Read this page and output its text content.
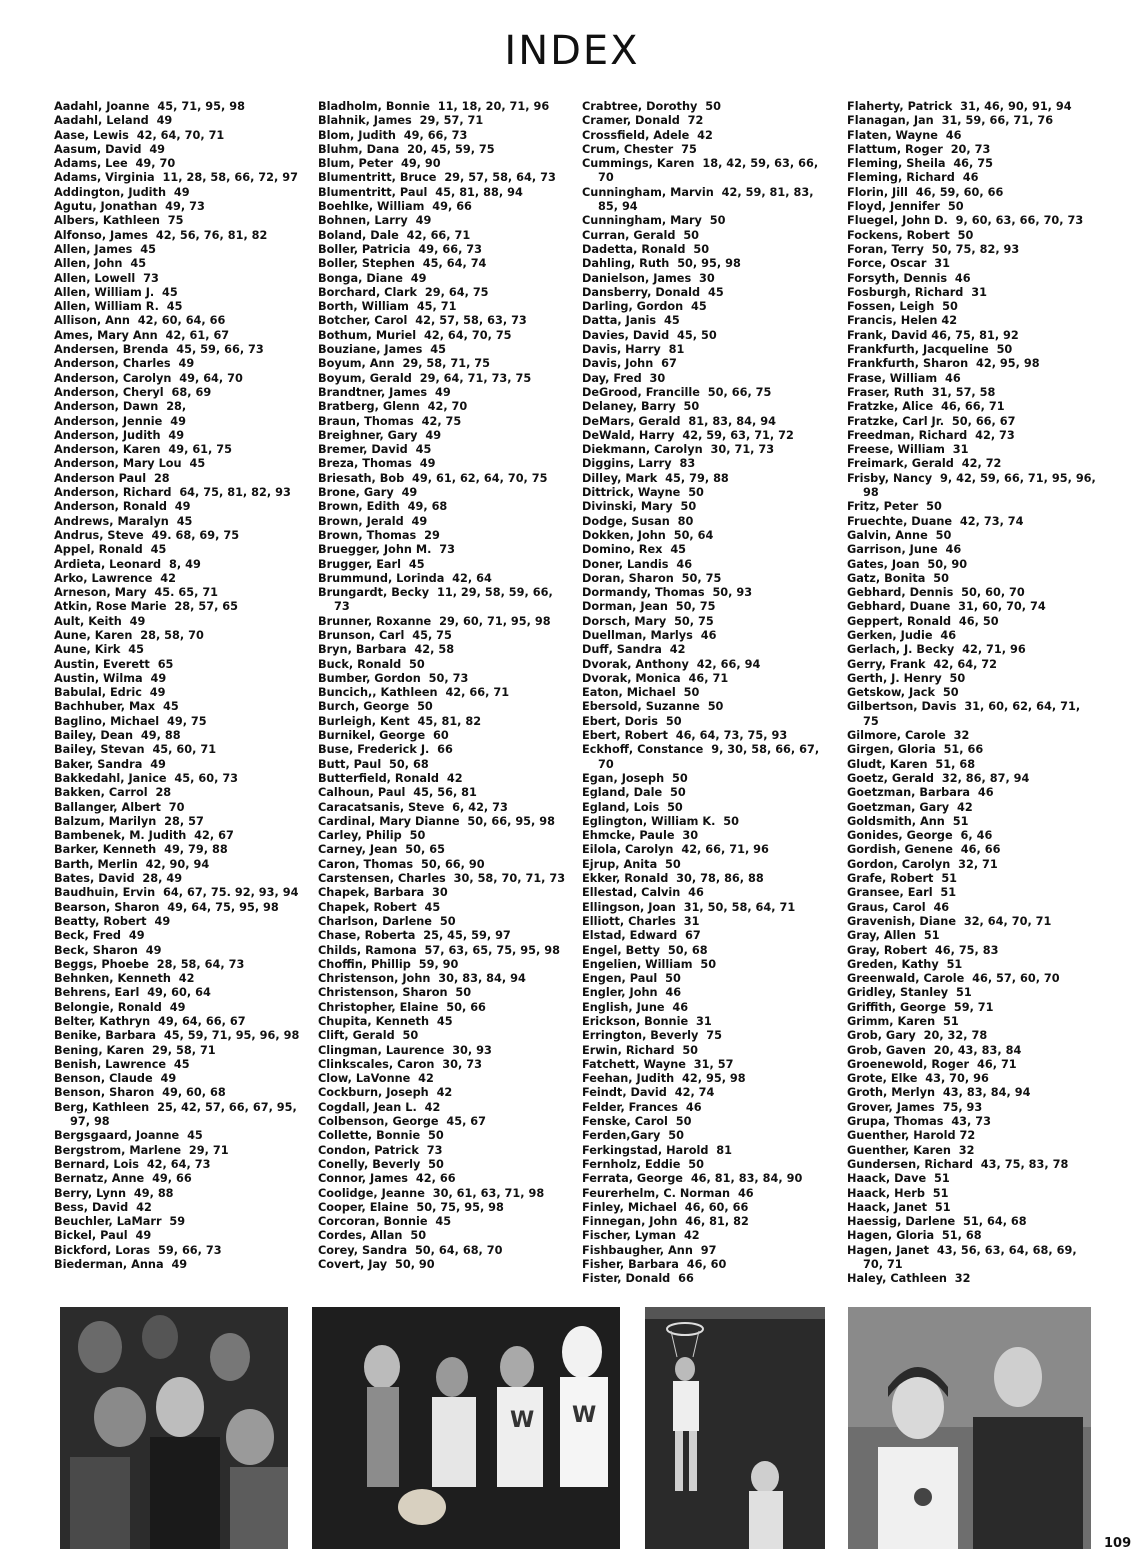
INDEX
Aadahl, Joanne  45, 71, 95, 98
Aadahl, Leland  49
Aase, Lewis  42, 64, 70, 71
Aasum, David  49
Adams, Lee  49, 70
Adams, Virginia  11, 28, 58, 66, 72, 97
Addington, Judith  49
Agutu, Jonathan  49, 73
Albers, Kathleen  75
Alfonso, James  42, 56, 76, 81, 82
Allen, James  45
Allen, John  45
Allen, Lowell  73
Allen, William J.  45
Allen, William R.  45
Allison, Ann  42, 60, 64, 66
Ames, Mary Ann  42, 61, 67
Andersen, Brenda  45, 59, 66, 73
Anderson, Charles  49
Anderson, Carolyn  49, 64, 70
Anderson, Cheryl  68, 69
Anderson, Dawn  28,
Anderson, Jennie  49
Anderson, Judith  49
Anderson, Karen  49, 61, 75
Anderson, Mary Lou  45
Anderson Paul  28
Anderson, Richard  64, 75, 81, 82, 93
Anderson, Ronald  49
Andrews, Maralyn  45
Andrus, Steve  49. 68, 69, 75
Appel, Ronald  45
Ardieta, Leonard  8, 49
Arko, Lawrence  42
Arneson, Mary  45. 65, 71
Atkin, Rose Marie  28, 57, 65
Ault, Keith  49
Aune, Karen  28, 58, 70
Aune, Kirk  45
Austin, Everett  65
Austin, Wilma  49
Babulal, Edric  49
Bachhuber, Max  45
Baglino, Michael  49, 75
Bailey, Dean  49, 88
Bailey, Stevan  45, 60, 71
Baker, Sandra  49
Bakkedahl, Janice  45, 60, 73
Bakken, Carrol  28
Ballanger, Albert  70
Balzum, Marilyn  28, 57
Bambenek, M. Judith  42, 67
Barker, Kenneth  49, 79, 88
Barth, Merlin  42, 90, 94
Bates, David  28, 49
Baudhuin, Ervin  64, 67, 75. 92, 93, 94
Bearson, Sharon  49, 64, 75, 95, 98
Beatty, Robert  49
Beck, Fred  49
Beck, Sharon  49
Beggs, Phoebe  28, 58, 64, 73
Behnken, Kenneth  42
Behrens, Earl  49, 60, 64
Belongie, Ronald  49
Belter, Kathryn  49, 64, 66, 67
Benike, Barbara  45, 59, 71, 95, 96, 98
Bening, Karen  29, 58, 71
Benish, Lawrence  45
Benson, Claude  49
Benson, Sharon  49, 60, 68
Berg, Kathleen  25, 42, 57, 66, 67, 95, 97, 98
Bergsgaard, Joanne  45
Bergstrom, Marlene  29, 71
Bernard, Lois  42, 64, 73
Bernatz, Anne  49, 66
Berry, Lynn  49, 88
Bess, David  42
Beuchler, LaMarr  59
Bickel, Paul  49
Bickford, Loras  59, 66, 73
Biederman, Anna  49
Bladholm, Bonnie  11, 18, 20, 71, 96
Blahnik, James  29, 57, 71
Blom, Judith  49, 66, 73
Bluhm, Dana  20, 45, 59, 75
Blum, Peter  49, 90
Blumentritt, Bruce  29, 57, 58, 64, 73
Blumentritt, Paul  45, 81, 88, 94
Boehlke, William  49, 66
Bohnen, Larry  49
Boland, Dale  42, 66, 71
Boller, Patricia  49, 66, 73
Boller, Stephen  45, 64, 74
Bonga, Diane  49
Borchard, Clark  29, 64, 75
Borth, William  45, 71
Botcher, Carol  42, 57, 58, 63, 73
Bothum, Muriel  42, 64, 70, 75
Bouziane, James  45
Boyum, Ann  29, 58, 71, 75
Boyum, Gerald  29, 64, 71, 73, 75
Brandtner, James  49
Bratberg, Glenn  42, 70
Braun, Thomas  42, 75
Breighner, Gary  49
Bremer, David  45
Breza, Thomas  49
Briesath, Bob  49, 61, 62, 64, 70, 75
Brone, Gary  49
Brown, Edith  49, 68
Brown, Jerald  49
Brown, Thomas  29
Bruegger, John M.  73
Brugger, Earl  45
Brummund, Lorinda  42, 64
Brungardt, Becky  11, 29, 58, 59, 66, 73
Brunner, Roxanne  29, 60, 71, 95, 98
Brunson, Carl  45, 75
Bryn, Barbara  42, 58
Buck, Ronald  50
Bumber, Gordon  50, 73
Buncich,, Kathleen  42, 66, 71
Burch, George  50
Burleigh, Kent  45, 81, 82
Burnikel, George  60
Buse, Frederick J.  66
Butt, Paul  50, 68
Butterfield, Ronald  42
Calhoun, Paul  45, 56, 81
Caracatsanis, Steve  6, 42, 73
Cardinal, Mary Dianne  50, 66, 95, 98
Carley, Philip  50
Carney, Jean  50, 65
Caron, Thomas  50, 66, 90
Carstensen, Charles  30, 58, 70, 71, 73
Chapek, Barbara  30
Chapek, Robert  45
Charlson, Darlene  50
Chase, Roberta  25, 45, 59, 97
Childs, Ramona  57, 63, 65, 75, 95, 98
Choffin, Phillip  59, 90
Christenson, John  30, 83, 84, 94
Christenson, Sharon  50
Christopher, Elaine  50, 66
Chupita, Kenneth  45
Clift, Gerald  50
Clingman, Laurence  30, 93
Clinkscales, Caron  30, 73
Clow, LaVonne  42
Cockburn, Joseph  42
Cogdall, Jean L.  42
Colbenson, George  45, 67
Collette, Bonnie  50
Condon, Patrick  73
Conelly, Beverly  50
Connor, James  42, 66
Coolidge, Jeanne  30, 61, 63, 71, 98
Cooper, Elaine  50, 75, 95, 98
Corcoran, Bonnie  45
Cordes, Allan  50
Corey, Sandra  50, 64, 68, 70
Covert, Jay  50, 90
Crabtree, Dorothy  50
Cramer, Donald  72
Crossfield, Adele  42
Crum, Chester  75
Cummings, Karen  18, 42, 59, 63, 66, 70
Cunningham, Marvin  42, 59, 81, 83, 85, 94
Cunningham, Mary  50
Curran, Gerald  50
Dadetta, Ronald  50
Dahling, Ruth  50, 95, 98
Danielson, James  30
Dansberry, Donald  45
Darling, Gordon  45
Datta, Janis  45
Davies, David  45, 50
Davis, Harry  81
Davis, John  67
Day, Fred  30
DeGrood, Francille  50, 66, 75
Delaney, Barry  50
DeMars, Gerald  81, 83, 84, 94
DeWald, Harry  42, 59, 63, 71, 72
Diekmann, Carolyn  30, 71, 73
Diggins, Larry  83
Dilley, Mark  45, 79, 88
Dittrick, Wayne  50
Divinski, Mary  50
Dodge, Susan  80
Dokken, John  50, 64
Domino, Rex  45
Doner, Landis  46
Doran, Sharon  50, 75
Dormandy, Thomas  50, 93
Dorman, Jean  50, 75
Dorsch, Mary  50, 75
Duellman, Marlys  46
Duff, Sandra  42
Dvorak, Anthony  42, 66, 94
Dvorak, Monica  46, 71
Eaton, Michael  50
Ebersold, Suzanne  50
Ebert, Doris  50
Ebert, Robert  46, 64, 73, 75, 93
Eckhoff, Constance  9, 30, 58, 66, 67, 70
Egan, Joseph  50
Egland, Dale  50
Egland, Lois  50
Eglington, William K.  50
Ehmcke, Paule  30
Eilola, Carolyn  42, 66, 71, 96
Ejrup, Anita  50
Ekker, Ronald  30, 78, 86, 88
Ellestad, Calvin  46
Ellingson, Joan  31, 50, 58, 64, 71
Elliott, Charles  31
Elstad, Edward  67
Engel, Betty  50, 68
Engelien, William  50
Engen, Paul  50
Engler, John  46
English, June  46
Erickson, Bonnie  31
Errington, Beverly  75
Erwin, Richard  50
Fatchett, Wayne  31, 57
Feehan, Judith  42, 95, 98
Feindt, David  42, 74
Felder, Frances  46
Fenske, Carol  50
Ferden,Gary  50
Ferkingstad, Harold  81
Fernholz, Eddie  50
Ferrata, George  46, 81, 83, 84, 90
Feurerhelm, C. Norman  46
Finley, Michael  46, 60, 66
Finnegan, John  46, 81, 82
Fischer, Lyman  42
Fishbaugher, Ann  97
Fisher, Barbara  46, 60
Fister, Donald  66
Flaherty, Patrick  31, 46, 90, 91, 94
Flanagan, Jan  31, 59, 66, 71, 76
Flaten, Wayne  46
Flattum, Roger  20, 73
Fleming, Sheila  46, 75
Fleming, Richard  46
Florin, Jill  46, 59, 60, 66
Floyd, Jennifer  50
Fluegel, John D.  9, 60, 63, 66, 70, 73
Fockens, Robert  50
Foran, Terry  50, 75, 82, 93
Force, Oscar  31
Forsyth, Dennis  46
Fosburgh, Richard  31
Fossen, Leigh  50
Francis, Helen 42
Frank, David 46, 75, 81, 92
Frankfurth, Jacqueline  50
Frankfurth, Sharon  42, 95, 98
Frase, William  46
Fraser, Ruth  31, 57, 58
Fratzke, Alice  46, 66, 71
Fratzke, Carl Jr.  50, 66, 67
Freedman, Richard  42, 73
Freese, William  31
Freimark, Gerald  42, 72
Frisby, Nancy  9, 42, 59, 66, 71, 95, 96, 98
Fritz, Peter  50
Fruechte, Duane  42, 73, 74
Galvin, Anne  50
Garrison, June  46
Gates, Joan  50, 90
Gatz, Bonita  50
Gebhard, Dennis  50, 60, 70
Gebhard, Duane  31, 60, 70, 74
Geppert, Ronald  46, 50
Gerken, Judie  46
Gerlach, J. Becky  42, 71, 96
Gerry, Frank  42, 64, 72
Gerth, J. Henry  50
Getskow, Jack  50
Gilbertson, Davis  31, 60, 62, 64, 71, 75
Gilmore, Carole  32
Girgen, Gloria  51, 66
Gludt, Karen  51, 68
Goetz, Gerald  32, 86, 87, 94
Goetzman, Barbara  46
Goetzman, Gary  42
Goldsmith, Ann  51
Gonides, George  6, 46
Gordish, Genene  46, 66
Gordon, Carolyn  32, 71
Grafe, Robert  51
Gransee, Earl  51
Graus, Carol  46
Gravenish, Diane  32, 64, 70, 71
Gray, Allen  51
Gray, Robert  46, 75, 83
Greden, Kathy  51
Greenwald, Carole  46, 57, 60, 70
Gridley, Stanley  51
Griffith, George  59, 71
Grimm, Karen  51
Grob, Gary  20, 32, 78
Grob, Gaven  20, 43, 83, 84
Groenewold, Roger  46, 71
Grote, Elke  43, 70, 96
Groth, Merlyn  43, 83, 84, 94
Grover, James  75, 93
Grupa, Thomas  43, 73
Guenther, Harold 72
Guenther, Karen  32
Gundersen, Richard  43, 75, 83, 78
Haack, Dave  51
Haack, Herb  51
Haack, Janet  51
Haessig, Darlene  51, 64, 68
Hagen, Gloria  51, 68
Hagen, Janet  43, 56, 63, 64, 68, 69, 70, 71
Haley, Cathleen  32
W W
109
